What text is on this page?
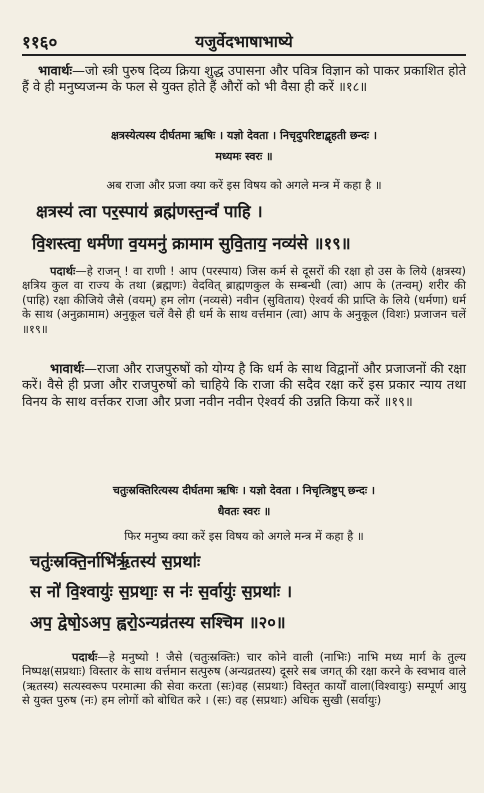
११६०	यजुर्वेदभाषाभाष्ये
भावार्थः—जो स्त्री पुरुष दिव्य क्रिया शुद्ध उपासना और पवित्र विज्ञान को पाकर प्रकाशित होते हैं वे ही मनुष्यजन्म के फल से युक्त होते हैं औरों को भी वैसा ही करें ॥१८॥
क्षत्रस्येत्यस्य दीर्घतमा ऋषिः । यज्ञो देवता । निचृदुपरिष्टाद्बृहती छन्दः ।
मध्यमः स्वरः ॥
अब राजा और प्रजा क्या करें इस विषय को अगले मन्त्र में कहा है ॥
क्षत्रस्य॑ त्वा पर॒स्पाय॑ ब्रह्म॑णस्त॒न्वं॑ पाहि ।
वि॒शस्त्वा॒ धर्म॑णा व॒यमनु॑ क्रामाम सुवि॒ताय॒ नव्य॑से ॥१९॥
पदार्थः—हे राजन् ! वा राणी ! आप (परस्पाय) जिस कर्म से दूसरों की रक्षा हो उस के लिये (क्षत्रस्य) क्षत्रिय कुल वा राज्य के तथा (ब्रह्मणः) वेदवित् ब्राह्मणकुल के सम्बन्धी (त्वा) आप के (तन्वम्) शरीर की (पाहि) रक्षा कीजिये जैसे (वयम्) हम लोग (नव्यसे) नवीन (सुविताय) ऐश्वर्य की प्राप्ति के लिये (धर्मणा) धर्म के साथ (अनुक्रामाम) अनुकूल चलें वैसे ही धर्म के साथ वर्त्तमान (त्वा) आप के अनुकूल (विशः) प्रजाजन चलें ॥१९॥
भावार्थः—राजा और राजपुरुषों को योग्य है कि धर्म के साथ विद्वानों और प्रजाजनों की रक्षा करें। वैसे ही प्रजा और राजपुरुषों को चाहिये कि राजा की सदैव रक्षा करें इस प्रकार न्याय तथा विनय के साथ वर्त्तकर राजा और प्रजा नवीन नवीन ऐश्वर्य की उन्नति किया करें ॥१९॥
चतुःस्रक्तिरित्यस्य दीर्घतमा ऋषिः । यज्ञो देवता । निचृत्त्रिष्टुप् छन्दः ।
धैवतः स्वरः ॥
फिर मनुष्य क्या करें इस विषय को अगले मन्त्र में कहा है ॥
चतुः॑स्रक्ति॒र्नाभि॑र्ऋ॒तस्य॑ स॒प्रथाः॑
स नो॑ वि॒श्वायुः॑ स॒प्रथाः॒ स नः॑ स॒र्वायुः॑ स॒प्रथाः॑ ।
अप॒ द्वेषो॒ऽअप॒ ह्वरो॒ऽन्यव्र॑तस्य सश्चिम ॥२०॥
पदार्थः—हे मनुष्यो ! जैसे (चतुःस्रक्तिः) चार कोने वाली (नाभिः) नाभि मध्य मार्ग के तुल्य निष्पक्ष(सप्रथाः) विस्तार के साथ वर्त्तमान सत्पुरुष (अन्यव्रतस्य) दूसरे सब जगत् की रक्षा करने के स्वभाव वाले (ऋतस्य) सत्यस्वरूप परमात्मा की सेवा करता (सः)वह (सप्रथाः) विस्तृत कार्यों वाला(विश्वायुः) सम्पूर्ण आयु से युक्त पुरुष (नः) हम लोगों को बोधित करे । (सः) वह (सप्रथाः) अधिक सुखी (सर्वायुः)
